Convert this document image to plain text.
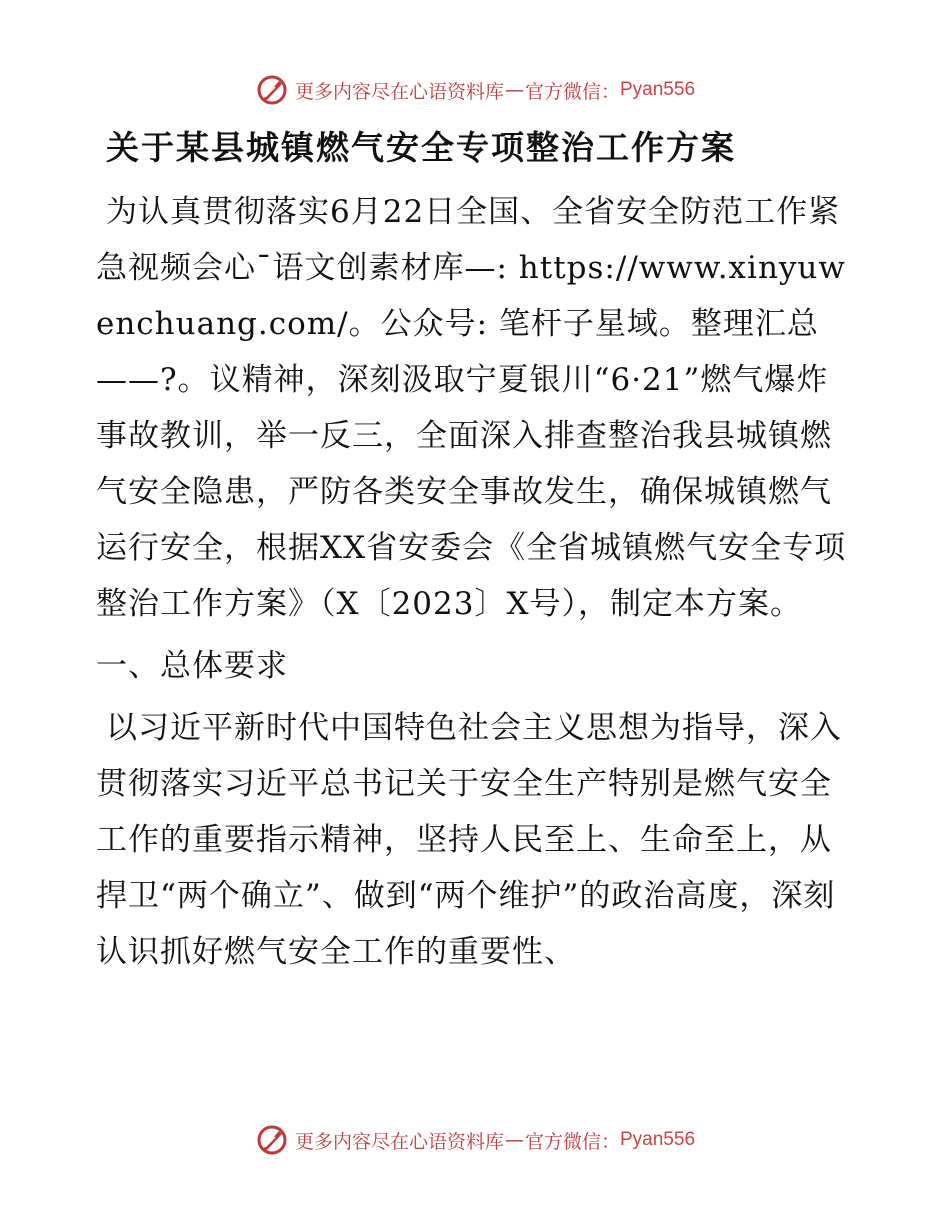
更多内容尽在心语资料库 — 官方微信： Pyan556
关于某县城镇燃气安全专项整治工作方案

为认真贯彻落实6月22日全国、全省安全防范工作紧急视频会心¯语文创素材库—: https://www.xinyuwenchuang.com/。公众号: 笔杆子星域。整理汇总——?。议精神，深刻汲取宁夏银川“6·21”燃气爆炸事故教训，举一反三，全面深入排查整治我县城镇燃气安全隐患，严防各类安全事故发生，确保城镇燃气运行安全，根据XX省安委会《全省城镇燃气安全专项整治工作方案》（X〔2023〕X号），制定本方案。

一、总体要求

以习近平新时代中国特色社会主义思想为指导，深入贯彻落实习近平总书记关于安全生产特别是燃气安全工作的重要指示精神，坚持人民至上、生命至上，从捍卫“两个确立”、做到“两个维护”的政治高度，深刻认识抓好燃气安全工作的重要性、

更多内容尽在心语资料库 — 官方微信： Pyan556
